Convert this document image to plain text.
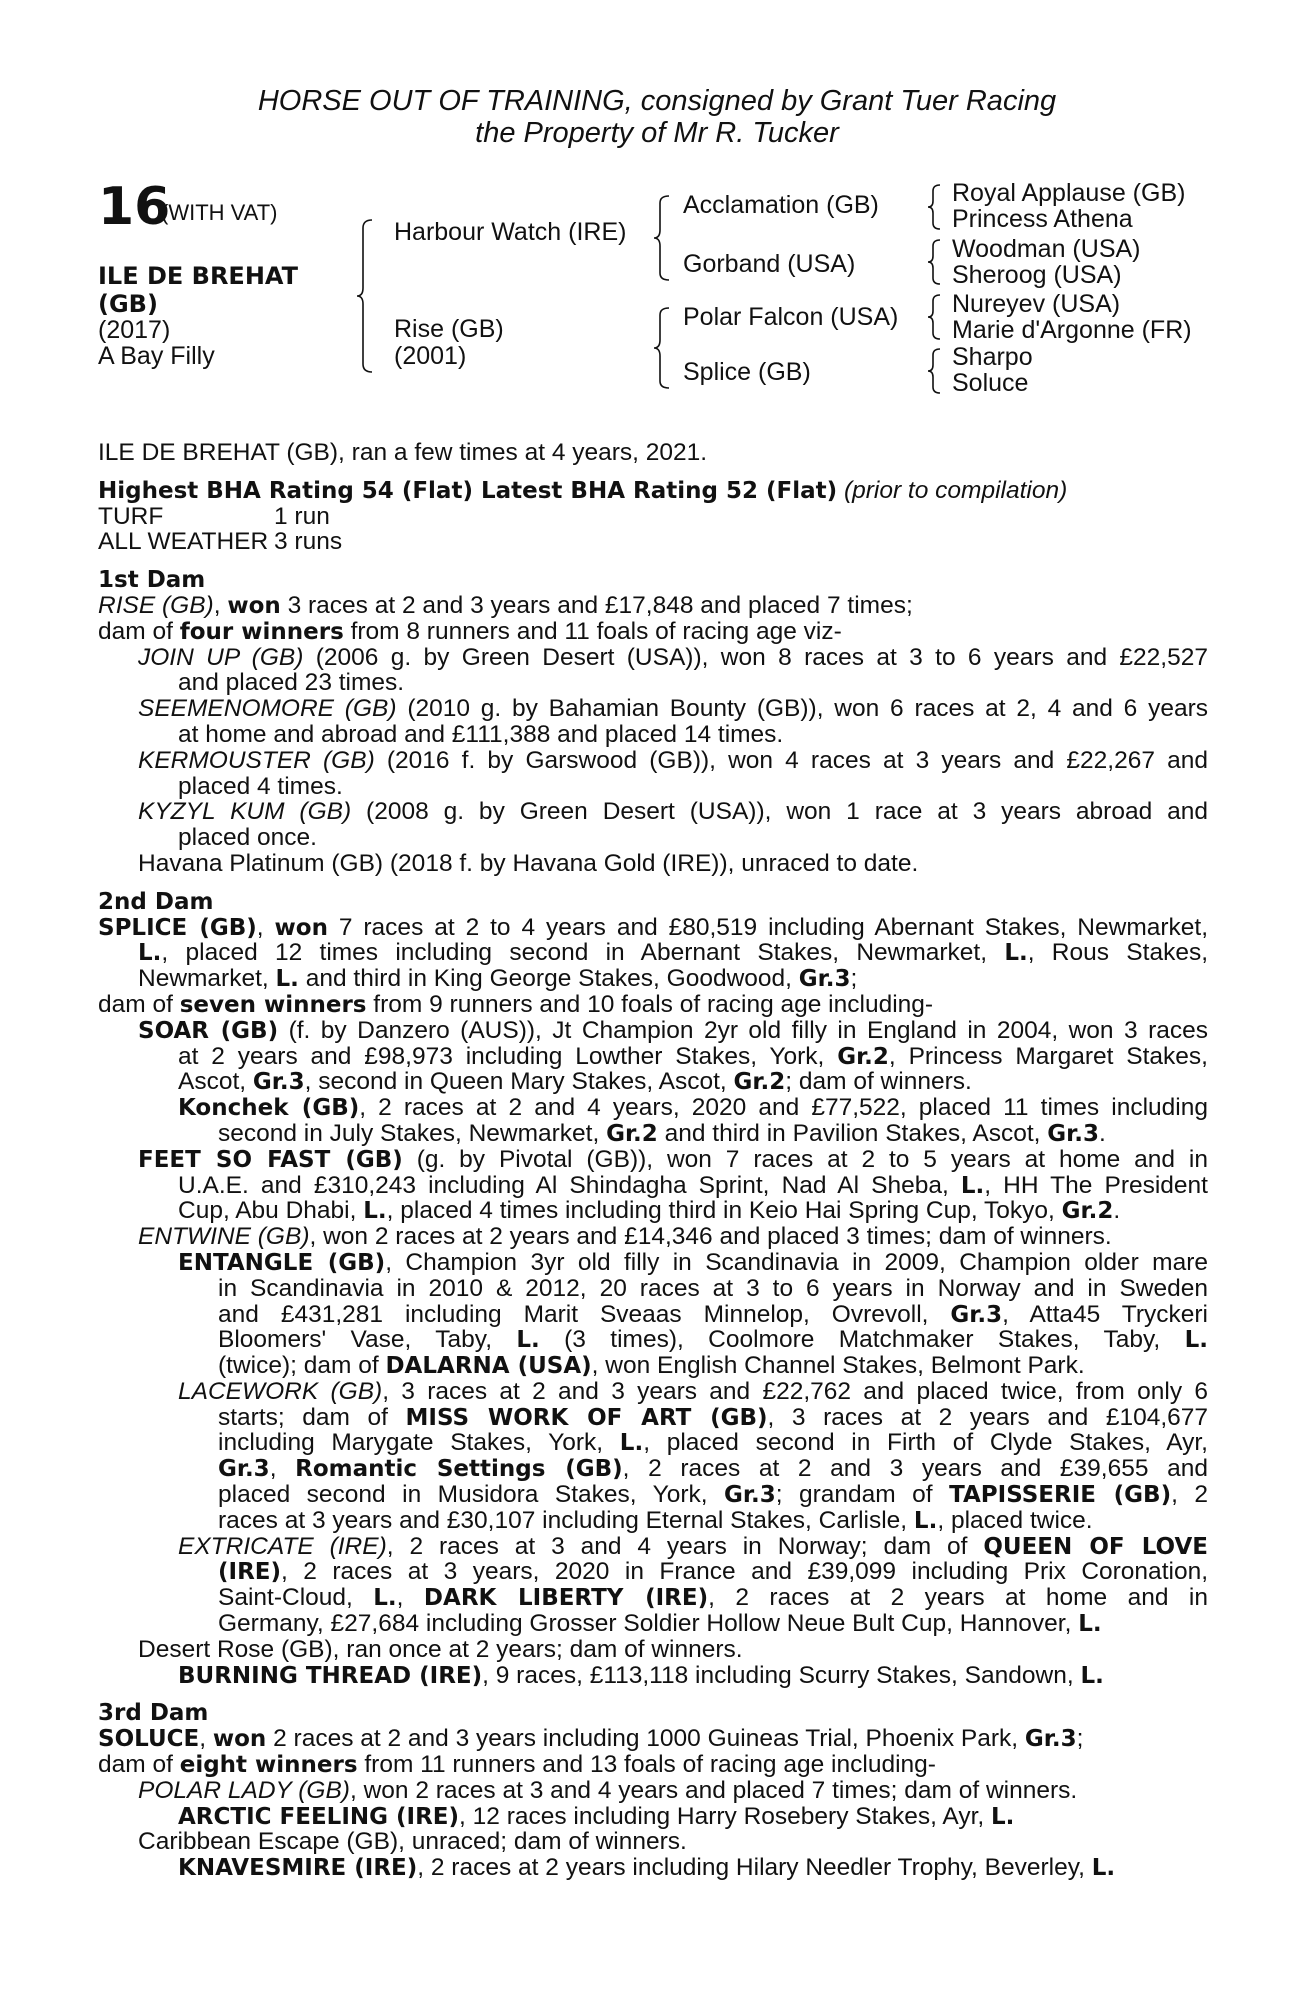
HORSE OUT OF TRAINING, consigned by Grant Tuer Racing
the Property of Mr R. Tucker
16
(WITH VAT)
ILE DE BREHAT
(GB)
(2017)
A Bay Filly
Harbour Watch (IRE)
Rise (GB)
(2001)
Acclamation (GB)
Gorband (USA)
Polar Falcon (USA)
Splice (GB)
Royal Applause (GB)
Princess Athena
Woodman (USA)
Sheroog (USA)
Nureyev (USA)
Marie d'Argonne (FR)
Sharpo
Soluce
ILE DE BREHAT (GB), ran a few times at 4 years, 2021.
Highest BHA Rating 54 (Flat) Latest BHA Rating 52 (Flat) (prior to compilation)
TURF	1 run
ALL WEATHER 3 runs
1st Dam
RISE (GB), won 3 races at 2 and 3 years and £17,848 and placed 7 times;
dam of four winners from 8 runners and 11 foals of racing age viz-
JOIN UP (GB) (2006 g. by Green Desert (USA)), won 8 races at 3 to 6 years and £22,527
and placed 23 times.
SEEMENOMORE (GB) (2010 g. by Bahamian Bounty (GB)), won 6 races at 2, 4 and 6 years
at home and abroad and £111,388 and placed 14 times.
KERMOUSTER (GB) (2016 f. by Garswood (GB)), won 4 races at 3 years and £22,267 and
placed 4 times.
KYZYL KUM (GB) (2008 g. by Green Desert (USA)), won 1 race at 3 years abroad and
placed once.
Havana Platinum (GB) (2018 f. by Havana Gold (IRE)), unraced to date.
2nd Dam
SPLICE (GB), won 7 races at 2 to 4 years and £80,519 including Abernant Stakes, Newmarket,
L., placed 12 times including second in Abernant Stakes, Newmarket, L., Rous Stakes,
Newmarket, L. and third in King George Stakes, Goodwood, Gr.3;
dam of seven winners from 9 runners and 10 foals of racing age including-
SOAR (GB) (f. by Danzero (AUS)), Jt Champion 2yr old filly in England in 2004, won 3 races
at 2 years and £98,973 including Lowther Stakes, York, Gr.2, Princess Margaret Stakes,
Ascot, Gr.3, second in Queen Mary Stakes, Ascot, Gr.2; dam of winners.
Konchek (GB), 2 races at 2 and 4 years, 2020 and £77,522, placed 11 times including
second in July Stakes, Newmarket, Gr.2 and third in Pavilion Stakes, Ascot, Gr.3.
FEET SO FAST (GB) (g. by Pivotal (GB)), won 7 races at 2 to 5 years at home and in
U.A.E. and £310,243 including Al Shindagha Sprint, Nad Al Sheba, L., HH The President
Cup, Abu Dhabi, L., placed 4 times including third in Keio Hai Spring Cup, Tokyo, Gr.2.
ENTWINE (GB), won 2 races at 2 years and £14,346 and placed 3 times; dam of winners.
ENTANGLE (GB), Champion 3yr old filly in Scandinavia in 2009, Champion older mare
in Scandinavia in 2010 & 2012, 20 races at 3 to 6 years in Norway and in Sweden
and £431,281 including Marit Sveaas Minnelop, Ovrevoll, Gr.3, Atta45 Tryckeri
Bloomers' Vase, Taby, L. (3 times), Coolmore Matchmaker Stakes, Taby, L.
(twice); dam of DALARNA (USA), won English Channel Stakes, Belmont Park.
LACEWORK (GB), 3 races at 2 and 3 years and £22,762 and placed twice, from only 6
starts; dam of MISS WORK OF ART (GB), 3 races at 2 years and £104,677
including Marygate Stakes, York, L., placed second in Firth of Clyde Stakes, Ayr,
Gr.3, Romantic Settings (GB), 2 races at 2 and 3 years and £39,655 and
placed second in Musidora Stakes, York, Gr.3; grandam of TAPISSERIE (GB), 2
races at 3 years and £30,107 including Eternal Stakes, Carlisle, L., placed twice.
EXTRICATE (IRE), 2 races at 3 and 4 years in Norway; dam of QUEEN OF LOVE
(IRE), 2 races at 3 years, 2020 in France and £39,099 including Prix Coronation,
Saint-Cloud, L., DARK LIBERTY (IRE), 2 races at 2 years at home and in
Germany, £27,684 including Grosser Soldier Hollow Neue Bult Cup, Hannover, L.
Desert Rose (GB), ran once at 2 years; dam of winners.
BURNING THREAD (IRE), 9 races, £113,118 including Scurry Stakes, Sandown, L.
3rd Dam
SOLUCE, won 2 races at 2 and 3 years including 1000 Guineas Trial, Phoenix Park, Gr.3;
dam of eight winners from 11 runners and 13 foals of racing age including-
POLAR LADY (GB), won 2 races at 3 and 4 years and placed 7 times; dam of winners.
ARCTIC FEELING (IRE), 12 races including Harry Rosebery Stakes, Ayr, L.
Caribbean Escape (GB), unraced; dam of winners.
KNAVESMIRE (IRE), 2 races at 2 years including Hilary Needler Trophy, Beverley, L.
